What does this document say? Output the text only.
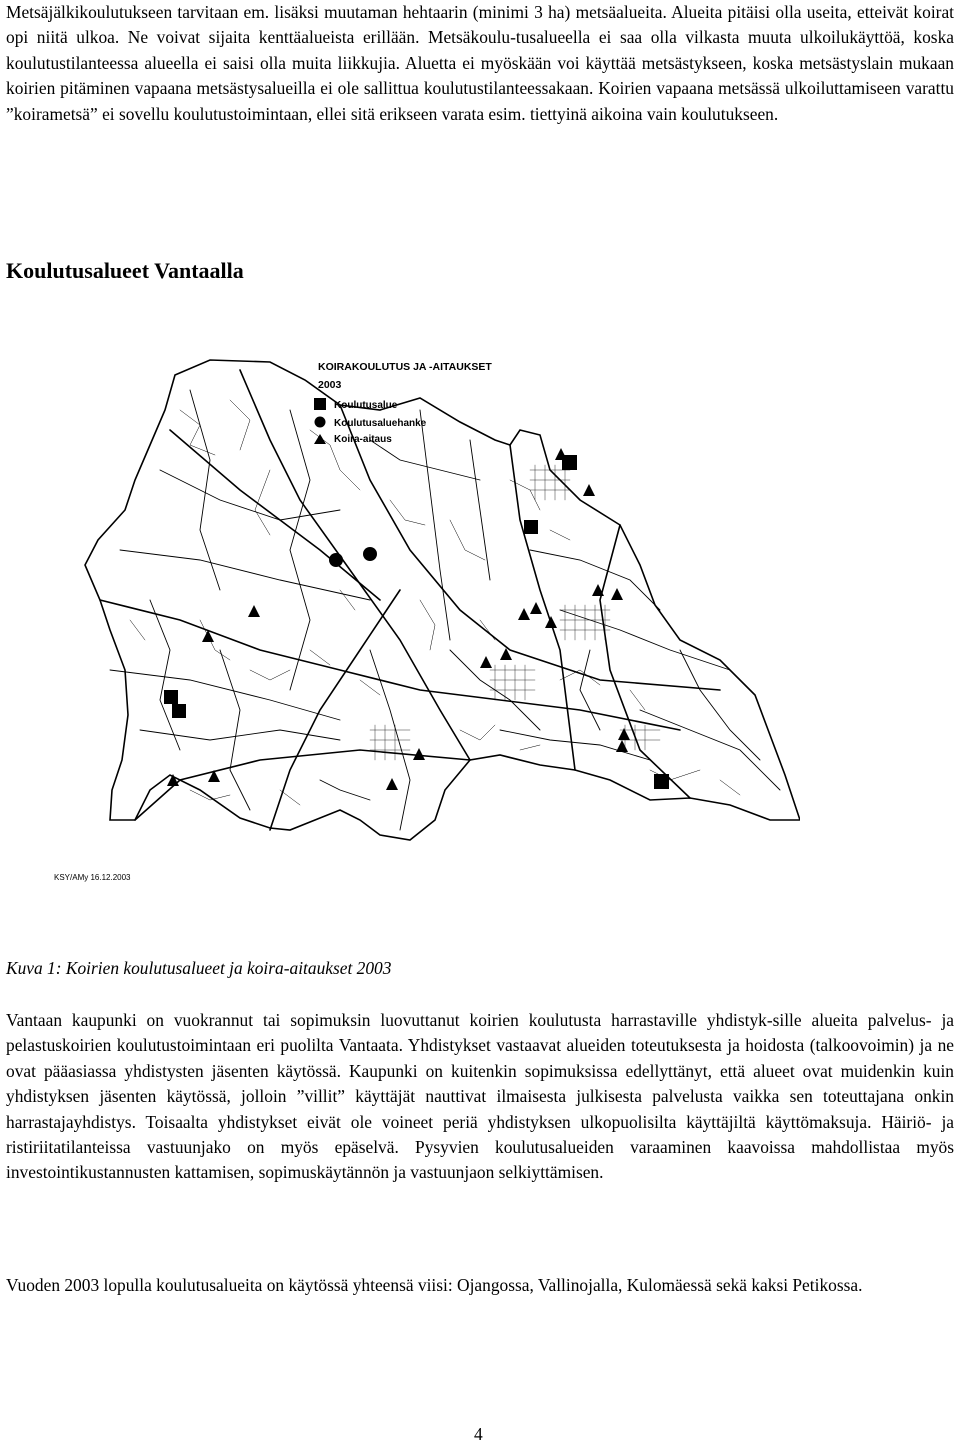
Metsäjälkikoulutukseen tarvitaan em. lisäksi muutaman hehtaarin (minimi 3 ha) metsäalueita. Alueita pitäisi olla useita, etteivät koirat opi niitä ulkoa. Ne voivat sijaita kenttäalueista erillään. Metsäkoulu-tusalueella ei saa olla vilkasta muuta ulkoilukäyttöä, koska koulutustilanteessa alueella ei saisi olla muita liikkujia. Aluetta ei myöskään voi käyttää metsästykseen, koska metsästyslain mukaan koirien pitäminen vapaana metsästysalueilla ei ole sallittua koulutustilanteessakaan. Koirien vapaana metsässä ulkoiluttamiseen varattu ”koirametsä” ei sovellu koulutustoimintaan, ellei sitä erikseen varata esim. tiettyinä aikoina vain koulutukseen.

Koulutusalueet Vantaalla
KOIRAKOULUTUS JA -AITAUKSET
2003
Koulutusalue
Koulutusaluehanke
Koira-aitaus
KSY/AMy 16.12.2003

Kuva 1: Koirien koulutusalueet ja koira-aitaukset 2003

Vantaan kaupunki on vuokrannut tai sopimuksin luovuttanut koirien koulutusta harrastaville yhdistyk-sille alueita palvelus- ja pelastuskoirien koulutustoimintaan eri puolilta Vantaata. Yhdistykset vastaavat alueiden toteutuksesta ja hoidosta (talkoovoimin) ja ne ovat pääasiassa yhdistysten jäsenten käytössä. Kaupunki on kuitenkin sopimuksissa edellyttänyt, että alueet ovat muidenkin kuin yhdistyksen jäsenten käytössä, jolloin ”villit” käyttäjät nauttivat ilmaisesta julkisesta palvelusta vaikka sen toteuttajana onkin harrastajayhdistys. Toisaalta yhdistykset eivät ole voineet periä yhdistyksen ulkopuolisilta käyttäjiltä käyttömaksuja. Häiriö- ja ristiriitatilanteissa vastuunjako on myös epäselvä. Pysyvien koulutusalueiden varaaminen kaavoissa mahdollistaa myös investointikustannusten kattamisen, sopimuskäytännön ja vastuunjaon selkiyttämisen.

Vuoden 2003 lopulla koulutusalueita on käytössä yhteensä viisi: Ojangossa, Vallinojalla, Kulomäessä sekä kaksi Petikossa.

4
